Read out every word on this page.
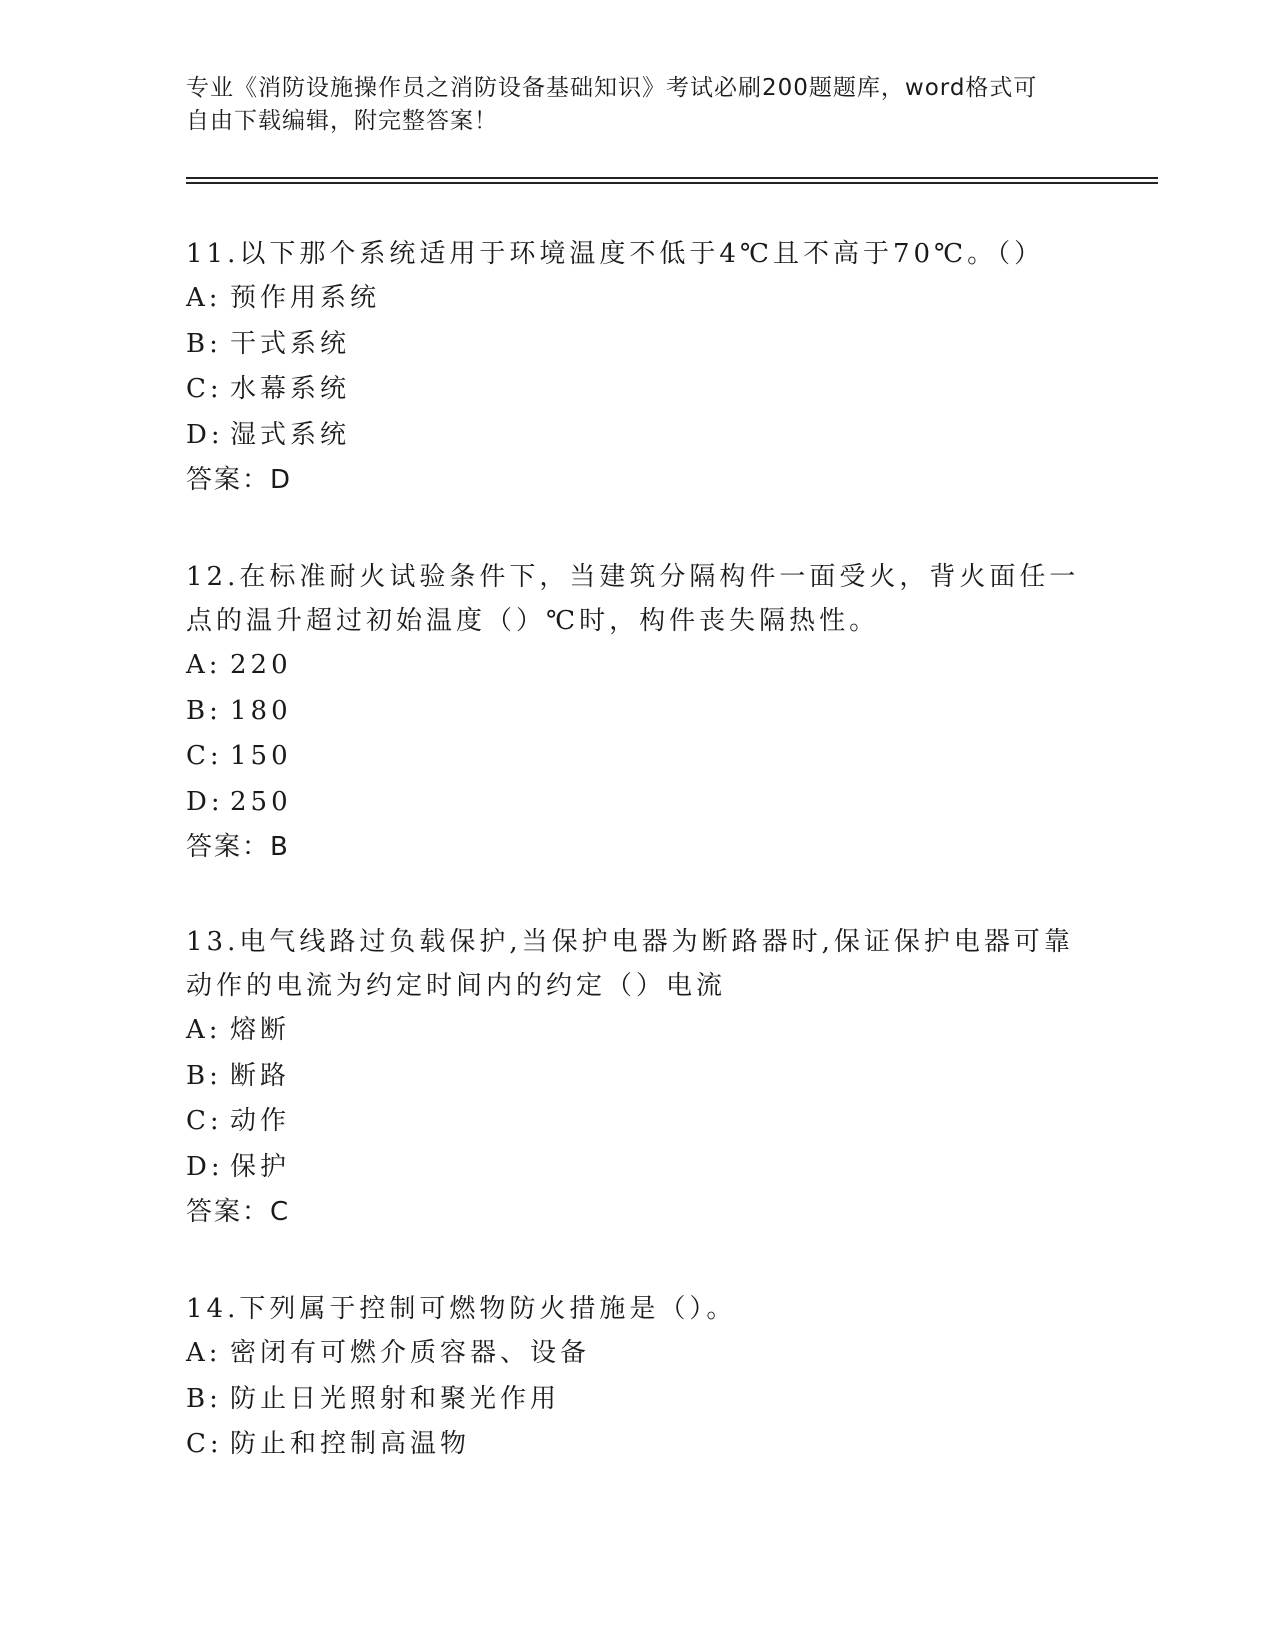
专业《消防设施操作员之消防设备基础知识》考试必刷200题题库，word格式可
自由下载编辑，附完整答案！

11.以下那个系统适用于环境温度不低于4℃且不高于70℃。（）

A: 预作用系统

B: 干式系统

C: 水幕系统

D: 湿式系统

答案：D

12.在标准耐火试验条件下，当建筑分隔构件一面受火，背火面任一点的温升超过初始温度（）℃时，构件丧失隔热性。

A: 220

B: 180

C: 150

D: 250

答案：B

13.电气线路过负载保护,当保护电器为断路器时,保证保护电器可靠动作的电流为约定时间内的约定（）电流

A: 熔断

B: 断路

C: 动作

D: 保护

答案：C

14.下列属于控制可燃物防火措施是（）。

A: 密闭有可燃介质容器、设备

B: 防止日光照射和聚光作用

C: 防止和控制高温物
